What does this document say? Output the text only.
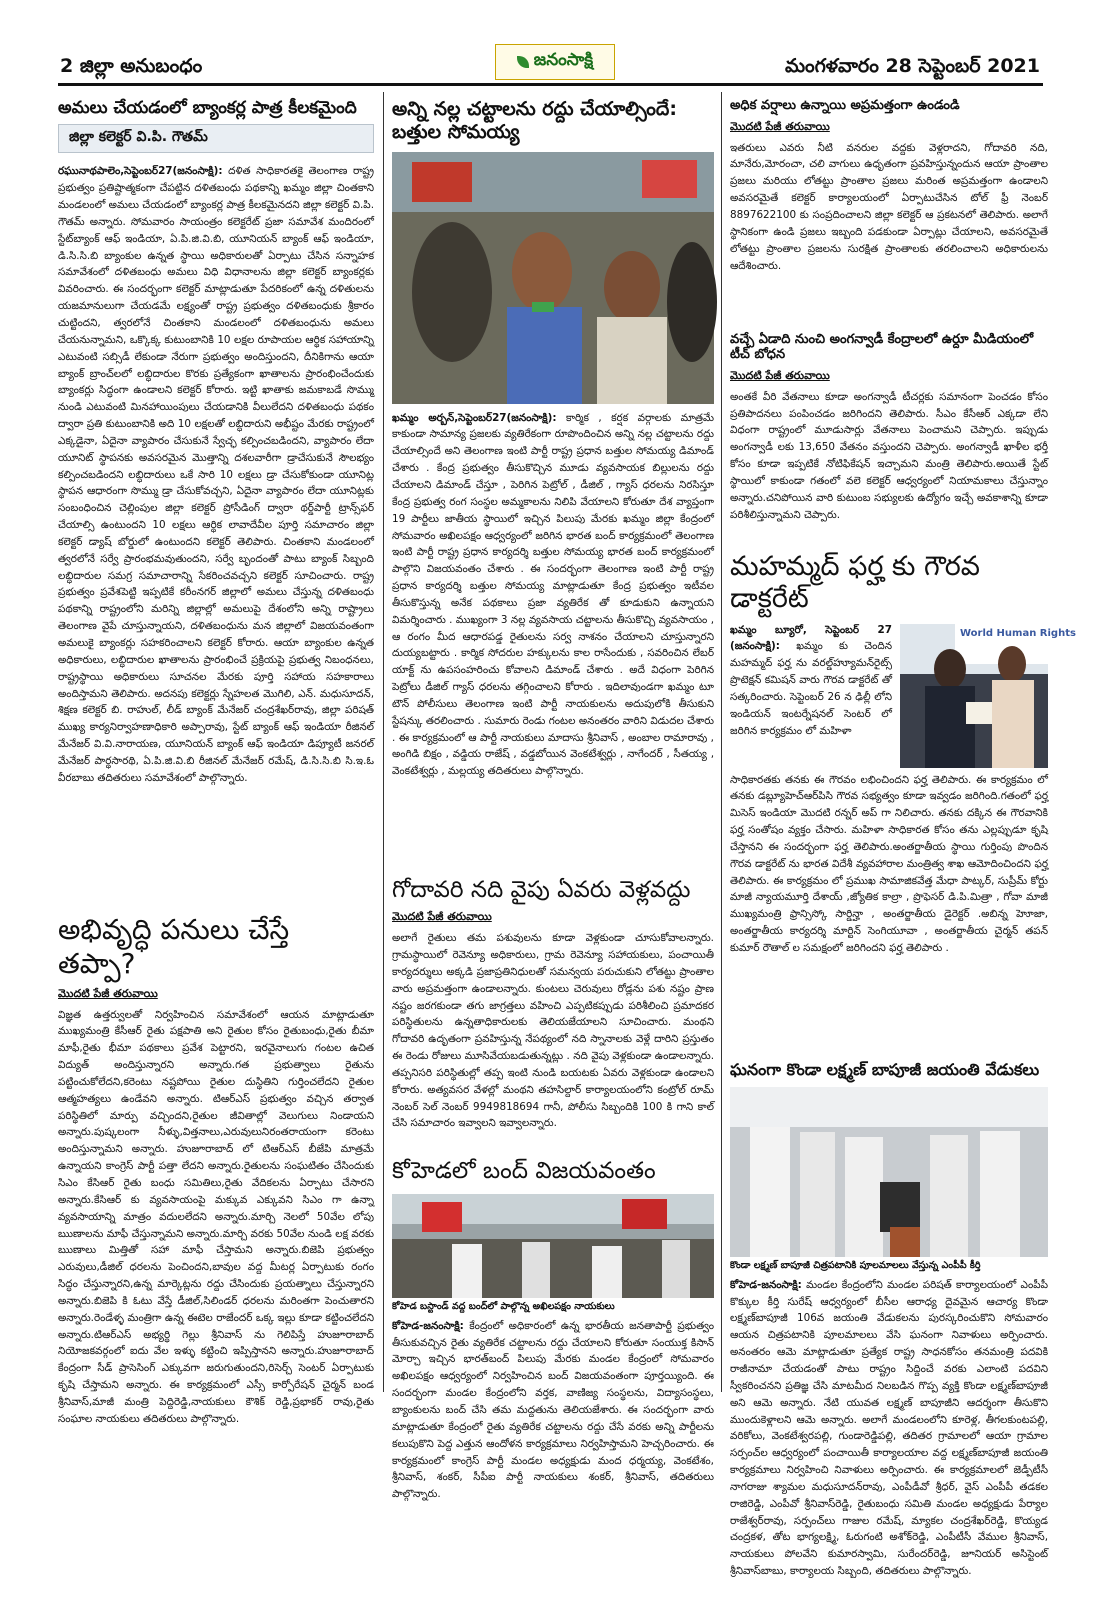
2 జిల్లా అనుబంధం	జనంసాక్షి	మంగళవారం 28 సెప్టెంబర్‌ 2021
అమలు చేయడంలో బ్యాంకర్ల పాత్ర కీలకమైంది
జిల్లా కలెక్టర్‌ వి.పి. గౌతమ్‌

రఘునాథపాలెం,సెప్టెంబర్‌27(జనంసాక్షి): దళిత సాధికారతకై తెలంగాణ రాష్ట్ర ప్రభుత్వం ప్రతిష్టాత్మకంగా చేపట్టిన దళితబంధు పథకాన్ని ఖమ్మం జిల్లా చింతకాని మండలంలో అమలు చేయడంలో బ్యాంకర్ల పాత్ర కీలకమైనదని జిల్లా కలెక్టర్‌ వి.పి. గౌతమ్‌ అన్నారు. సోమవారం సాయంత్రం కలెక్టరేట్‌ ప్రజా సమావేశ మందిరంలో స్టేట్‌బ్యాంక్‌ ఆఫ్‌ ఇండియా, ఏ.పి.జి.వి.బి, యూనియన్‌ బ్యాంక్‌ ఆఫ్‌ ఇండియా, డి.సి.సి.బి బ్యాంకుల ఉన్నత స్థాయి అధికారులతో ఏర్పాటు చేసిన సన్నాహక సమావేశంలో దళితబంధు అమలు విధి విధానాలను జిల్లా కలెక్టర్‌ బ్యాంకర్లకు వివరించారు. ఈ సందర్భంగా కలెక్టర్‌ మాట్లాడుతూ పేదరికంలో ఉన్న దళితులను యజమానులుగా చేయడమే లక్ష్యంతో రాష్ట్ర ప్రభుత్వం దళితబంధుకు శ్రీకారం చుట్టిందని, త్వరలోనే చింతకాని మండలంలో దళితబంధును అమలు చేయనున్నామని, ఒక్కొక్క కుటుంబానికి 10 లక్షల రూపాయల ఆర్థిక సహాయాన్ని ఎటువంటి సబ్సిడీ లేకుండా నేరుగా ప్రభుత్వం అందిస్తుందని, దీనికిగాను ఆయా బ్యాంక్‌ బ్రాంచ్‌లలో లబ్ధిదారుల కొరకు ప్రత్యేకంగా ఖాతాలను ప్రారంభించేందుకు బ్యాంకర్లు సిద్ధంగా ఉండాలని కలెక్టర్‌ కోరారు. ఇట్టి ఖాతాకు జమకాబడే సొమ్ము నుండి ఎటువంటి మినహాయింపులు చేయడానికి వీలులేదని దళితబంధు పథకం ద్వారా ప్రతి కుటుంబానికి అది 10 లక్షలతో లబ్ధిదారుని అభీష్టం మేరకు రాష్ట్రంలో ఎక్కడైనా, ఏదైనా వ్యాపారం చేసుకునే స్వేచ్ఛ కల్పించబడిందని, వ్యాపారం లేదా యూనిట్‌ స్థాపనకు అవసరమైన మొత్తాన్ని దశలవారీగా డ్రాచేసుకునే సౌలభ్యం కల్పించబడిందని లబ్ధిదారులు ఒకే సారి 10 లక్షలు డ్రా చేసుకోకుండా యూనిట్ల స్థాపన ఆధారంగా సొమ్ము డ్రా చేసుకోవచ్చని, ఏదైనా వ్యాపారం లేదా యూనిట్లకు సంబంధించిన చెల్లింపుల జిల్లా కలెక్టర్‌ ప్రోసీడింగ్‌ ద్వారా థర్డ్‌పార్టీ ట్రాన్స్‌ఫర్‌ చేయాల్సి ఉంటుందని 10 లక్షలు ఆర్థిక లావాదేవీల పూర్తి సమాచారం జిల్లా కలెక్టర్‌ డ్యాష్‌ బోర్డులో ఉంటుందని కలెక్టర్‌ తెలిపారు. చింతకాని మండలంలో త్వరలోనే సర్వే ప్రారంభమవుతుందని, సర్వే బృందంతో పాటు బ్యాంక్‌ సిబ్బంది లబ్ధిదారుల సమగ్ర సమాచారాన్ని సేకరించవచ్చని కలెక్టర్‌ సూచించారు. రాష్ట్ర ప్రభుత్వం ప్రవేశపెట్టి ఇప్పటికే కరీంనగర్‌ జిల్లాలో అమలు చేస్తున్న దళితబంధు పథకాన్ని రాష్ట్రంలోని మరిన్ని జిల్లాల్లో అమలుపై దేశంలోని అన్ని రాష్ట్రాలు తెలంగాణ వైపే చూస్తున్నాయని, దళితబంధును మన జిల్లాలో విజయవంతంగా అమలుకై బ్యాంకర్లు సహకరించాలని కలెక్టర్‌ కోరారు. ఆయా బ్యాంకుల ఉన్నత అధికారులు, లబ్ధిదారుల ఖాతాలను ప్రారంభించే ప్రక్రియపై ప్రభుత్వ నిబంధనలు, రాష్ట్రస్థాయి అధికారులు సూచనల మేరకు పూర్తి సహాయ సహకారాలు అందిస్తామని తెలిపారు. అదనపు కలెక్టర్లు స్నేహలత మొగిలి, ఎన్‌. మధుసూదన్‌, శిక్షణ కలెక్టర్‌ బి. రాహుల్‌, లీడ్‌ బ్యాంక్‌ మేనేజర్‌ చంద్రశేఖర్‌రావు, జిల్లా పరిషత్‌ ముఖ్య కార్యనిర్వాహణాధికారి అప్పారావు, స్టేట్‌ బ్యాంక్‌ ఆఫ్‌ ఇండియా రీజినల్‌ మేనేజర్‌ వి.వి.నారాయణ, యూనియన్‌ బ్యాంక్‌ ఆఫ్‌ ఇండియా డిప్యూటీ జనరల్‌ మేనేజర్‌ పార్థసారథి, ఏ.పి.జి.వి.బి రీజినల్‌ మేనేజర్‌ రమేష్‌, డి.సి.సి.బి సి.ఇ.ఓ వీరబాబు తదితరులు సమావేశంలో పాల్గొన్నారు.

అభివృద్ధి పనులు చేస్తే తప్పా?
మొదటి పేజీ తరువాయి

విజ్ఞత ఉత్తర్వులతో నిర్వహించిన సమావేశంలో ఆయన మాట్లాడుతూ ముఖ్యమంత్రి కేసీఆర్‌ రైతు పక్షపాతి అని రైతుల కోసం రైతుబంధు,రైతు బీమా మాఫీ,రైతు భీమా పథకాలు ప్రవేశ పెట్టారని, ఇరవైనాలుగు గంటల ఉచిత విద్యుత్‌ అందిస్తున్నారని అన్నారు.గత ప్రభుత్వాలు రైతును పట్టించుకోలేదని,కరెంటు నష్టపోయి రైతుల దుస్థితిని గుర్తించలేదని రైతుల ఆత్మహత్యలు ఉండేవని అన్నారు. టిఆర్‌ఎస్‌ ప్రభుత్వం వచ్చిన తర్వాత పరిస్థితిలో మార్పు వచ్చిందని,రైతుల జీవితాల్లో వెలుగులు నిండాయని అన్నారు.పుష్కలంగా నీళ్ళు,విత్తనాలు,ఎరువులునిరంతరాయంగా కరెంటు అందిస్తున్నామని అన్నారు. హుజూరాబాద్‌ లో టిఆర్‌ఎస్‌ బీజేపి మాత్రమే ఉన్నాయని కాంగ్రెస్‌ పార్టీ పత్తా లేదని అన్నారు.రైతులను సంఘటితం చేసిందుకు సిఎం కేసిఆర్‌ రైతు బంధు సమితిలు,రైతు వేదికలను ఏర్పాటు చేసారని అన్నారు.కేసిఆర్‌ కు వ్యవసాయంపై మక్కువ ఎక్కువని సిఎం గా ఉన్నా వ్యవసాయాన్ని మాత్రం వదులలేదని అన్నారు.మార్చి నెలలో 50వేల లోపు ఋణాలను మాఫీ చేస్తున్నామని అన్నారు.మార్చి వరకు 50వేల నుండి లక్ష వరకు ఋణాలు మిత్తితో సహా మాఫీ చేస్తామని అన్నారు.బిజెపి ప్రభుత్వం ఎరువులు,డీజిల్‌ ధరలను పెంచిందని,బావుల వద్ద మీటర్ల ఏర్పాటుకు రంగం సిద్ధం చేస్తున్నారని,ఉన్న మార్కెట్లను రద్దు చేసిందుకు ప్రయత్నాలు చేస్తున్నారని అన్నారు.బిజెపి కి ఓటు వేస్తే డీజిల్‌,సిలిండర్‌ ధరలను మరింతగా పెంచుతారని అన్నారు.రెండేళ్ళ మంత్రిగా ఉన్న ఈటెల రాజేందర్‌ ఒక్క ఇల్లు కూడా కట్టించలేదని అన్నారు.టిఆర్‌ఎస్‌ అభ్యర్థి గెల్లు శ్రీనివాస్‌ ను గెలిపిస్తే హుజూరాబాద్‌ నియోజకవర్గంలో ఐదు వేల ఇళ్ళు కట్టించి ఇప్పిస్తానని అన్నారు.హుజూరాబాద్‌ కేంద్రంగా సీడ్‌ ప్రాసెసింగ్‌ ఎక్కువగా జరుగుతుందని,రిసెర్చ్‌ సెంటర్‌ ఏర్పాటుకు కృషి చేస్తామని అన్నారు. ఈ కార్యక్రమంలో ఎస్సీ కార్పోరేషన్‌ చైర్మన్‌ బండ శ్రీనివాస్‌,మాజీ మంత్రి పెద్దిరెడ్డి,నాయకులు కౌశిక్‌ రెడ్డి,ప్రభాకర్‌ రావు,రైతు సంఘాల నాయకులు తదితరులు పాల్గొన్నారు.

అన్ని నల్ల చట్టాలను రద్దు చేయాల్సిందే: బత్తుల సోమయ్య

ఖమ్మం అర్బన్‌,సెప్టెంబర్‌27(జనంసాక్షి): కార్మిక , కర్షక వర్గాలకు మాత్రమే కాకుండా సామాన్య ప్రజలకు వ్యతిరేకంగా రూపొందించిన అన్ని నల్ల చట్టాలను రద్దు చేయాల్సిందే అని తెలంగాణ ఇంటి పార్టీ రాష్ట్ర ప్రధాన బత్తుల సోమయ్య డిమాండ్‌ చేశారు . కేంద్ర ప్రభుత్వం తీసుకొచ్చిన మూడు వ్యవసాయక బిల్లులను రద్దు చేయాలని డిమాండ్‌ చేస్తూ , పెరిగిన పెట్రోల్‌ , డీజిల్‌ , గ్యాస్‌ ధరలను నిరసిస్తూ కేంద్ర ప్రభుత్వ రంగ సంస్థల అమ్మకాలను నిలిపి వేయాలని కోరుతూ దేశ వ్యాప్తంగా 19 పార్టీలు జాతీయ స్థాయిలో ఇచ్చిన పిలుపు మేరకు ఖమ్మం జిల్లా కేంద్రంలో సోమవారం అఖిలపక్షం ఆధ్వర్యంలో జరిగిన భారత బంద్‌ కార్యక్రమంలో తెలంగాణ ఇంటి పార్టీ రాష్ట్ర ప్రధాన కార్యదర్శి బత్తుల సోమయ్య భారత బంద్‌ కార్యక్రమంలో పాల్గొని విజయవంతం చేశారు . ఈ సందర్భంగా తెలంగాణ ఇంటి పార్టీ రాష్ట్ర ప్రధాన కార్యదర్శి బత్తుల సోమయ్య మాట్లాడుతూ కేంద్ర ప్రభుత్వం ఇటీవల తీసుకొస్తున్న అనేక పథకాలు ప్రజా వ్యతిరేక తో కూడుకుని ఉన్నాయని విమర్శించారు . ముఖ్యంగా 3 నల్ల వ్యవసాయ చట్టాలను తీసుకొచ్చి వ్యవసాయం , ఆ రంగం మీద ఆధారపడ్డ రైతులను సర్వ నాశనం చేయాలని చూస్తున్నారని దుయ్యబట్టారు . కార్మిక సోదరుల హక్కులను కాల రాసేందుకు , సవరించిన లేబర్‌ యాక్ట్‌ ను ఉపసంహరించు కోవాలని డిమాండ్‌ చేశారు . అదే విధంగా పెరిగిన పెట్రోలు డీజిల్‌ గ్యాస్‌ ధరలను తగ్గించాలని కోరారు . ఇదిలావుండగా ఖమ్మం టూ టౌన్‌ పోలీసులు తెలంగాణ ఇంటి పార్టీ నాయకులను అదుపులోకి తీసుకుని స్టేషన్కు తరలించారు . సుమారు రెండు గంటల అనంతరం వారిని విడుదల చేశారు . ఈ కార్యక్రమంలో ఆ పార్టీ నాయకులు మాదాసు శ్రీనివాస్‌ , అంబాల రామారావు , అంగిడి బిక్షం , వడ్డియ రాజేష్‌ , వడ్డబోయిన వెంకటేశ్వర్లు , నాగేందర్‌ , సీతయ్య , వెంకటేశ్వర్లు , మల్లయ్య తదితరులు పాల్గొన్నారు.

గోదావరి నది వైపు ఏవరు వెళ్లవద్దు
మొదటి పేజీ తరువాయి

అలాగే రైతులు తమ పశువులను కూడా వెళ్లకుండా చూసుకోవాలన్నారు. గ్రామస్థాయిలో రెవెన్యూ అధికారులు, గ్రామ రెవెన్యూ సహాయకులు, పంచాయితీ కార్యదర్శులు అక్కడి ప్రజాప్రతినిధులతో సమన్వయ పరుచుకుని లోతట్టు ప్రాంతాల వారు అప్రమత్తంగా ఉండాలన్నారు. కుంటలు చెరువులు రోడ్లను పశు నష్టం ప్రాణ నష్టం జరగకుండా తగు జాగ్రత్తలు వహించి ఎప్పటికప్పుడు పరిశీలించి ప్రమాదకర పరిస్థితులను ఉన్నతాధికారులకు తెలియజేయాలని సూచించారు. మంథని గోదావరి ఉదృతంగా ప్రవహిస్తున్న నేపథ్యంలో నది స్నానాలకు వెళ్లే దారిని ప్రస్తుతం ఈ రెండు రోజులు మూసివేయబడుతున్నట్లు . నది వైపు వెళ్లకుండా ఉండాలన్నారు. తప్పనిసరి పరిస్థితుల్లో తప్ప ఇంటి నుండి బయటకు ఏవరు వెళ్లకుండా ఉండాలని కోరారు. అత్యవసర వేళల్లో మంథని తహసిల్దార్‌ కార్యాలయంలోని కంట్రోల్‌ రూమ్‌ నెంబర్‌ సెల్‌ నెంబర్‌ 9949818694 గానీ, పోలీసు సిబ్బందికి 100 కి గాని కాల్‌ చేసి సమాచారం ఇవ్వాలని ఇవ్వాలన్నారు.

కోహెడలో బంద్‌ విజయవంతం
కోహెడ బస్టాండ్‌ వద్ద బంద్‌లో పాల్గొన్న అఖిలపక్షం నాయకులు

కోహెడ-జనంసాక్షి: కేంద్రంలో అధికారంలో ఉన్న భారతీయ జనతాపార్టీ ప్రభుత్వం తీసుకువచ్చిన రైతు వ్యతిరేక చట్టాలను రద్దు చేయాలని కోరుతూ సంయుక్త కిసాన్‌ మోర్చా ఇచ్చిన భారత్‌బంద్‌ పిలుపు మేరకు మండల కేంద్రంలో సోమవారం అఖిలపక్షం ఆధ్వర్యంలో నిర్వహించిన బంద్‌ విజయవంతంగా పూర్తయ్యింది. ఈ సందర్భంగా మండల కేంద్రంలోని వర్తక, వాణిజ్య సంస్థలను, విద్యాసంస్థలు, బ్యాంకులను బంద్‌ చేసి తమ మద్దతును తెలియజేశారు. ఈ సందర్భంగా వారు మాట్లాడుతూ కేంద్రంలో రైతు వ్యతిరేక చట్టాలను రద్దు చేసే వరకు అన్ని పార్టీలను కలుపుకొని పెద్ద ఎత్తున ఆందోళన కార్యక్రమాలు నిర్వహిస్తామని హెచ్చరించారు. ఈ కార్యక్రమంలో కాంగ్రెస్‌ పార్టీ మండల అధ్యక్షుడు మంద ధర్మయ్య, వెంకటేశం, శ్రీనివాస్‌, శంకర్‌, సీపీఐ పార్టీ నాయకులు శంకర్‌, శ్రీనివాస్‌, తదితరులు పాల్గొన్నారు.

అధిక వర్షాలు ఉన్నాయి అప్రమత్తంగా ఉండండి
మొదటి పేజీ తరువాయి

ఇతరులు ఎవరు నీటి వనరుల వద్దకు వెళ్లరాదని, గోదావరి నది, మానేరు,మోరంచా, చలి వాగులు ఉధృతంగా ప్రవహిస్తున్నందున ఆయా ప్రాంతాల ప్రజలు మరియు లోతట్టు ప్రాంతాల ప్రజలు మరింత అప్రమత్తంగా ఉండాలని అవసరమైతే కలెక్టర్‌ కార్యాలయంలో ఏర్పాటుచేసిన టోల్‌ ఫ్రీ నెంబర్‌ 8897622100 కు సంప్రదించాలని జిల్లా కలెక్టర్‌ ఆ ప్రకటనలో తెలిపారు. అలాగే స్థానికంగా ఉండి ప్రజలు ఇబ్బంది పడకుండా ఏర్పాట్లు చేయాలని, అవసరమైతే లోతట్టు ప్రాంతాల ప్రజలను సురక్షిత ప్రాంతాలకు తరలించాలని అధికారులను ఆదేశించారు.

వచ్చే ఏడాది నుంచి అంగన్వాడీ కేంద్రాలలో ఉర్దూ మీడియంలో టీచ్‌ బోధన
మొదటి పేజీ తరువాయి

అంతకే వీరి వేతనాలు కూడా అంగన్వాడీ టీచర్లకు సమానంగా పెంచడం కోసం ప్రతిపాదనలు పంపించడం జరిగిందని తెలిపారు. సీఎం కేసీఆర్‌ ఎక్కడా లేని విధంగా రాష్ట్రంలో మూడుసార్లు వేతనాలు పెంచామని చెప్పారు. ఇప్పుడు అంగన్వాడీ లకు 13,650 వేతనం వస్తుందని చెప్పారు. అంగన్వాడీ ఖాళీల భర్తీ కోసం కూడా ఇప్పటికే నోటిఫికేషన్‌ ఇచ్చామని మంత్రి తెలిపారు.అయితే స్టేట్‌ స్థాయిలో కాకుండా గతంలో వలె కలెక్టర్‌ ఆధ్వర్యంలో నియామకాలు చేస్తున్నాం అన్నారు.చనిపోయిన వారి కుటుంబ సభ్యులకు ఉద్యోగం ఇచ్చే అవకాశాన్ని కూడా పరిశీలిస్తున్నామని చెప్పారు.

మహమ్మద్‌ ఫర్హ కు గౌరవ డాక్టరేట్‌

ఖమ్మం బ్యూరో, సెప్టెంబర్‌ 27 (జనంసాక్షి): ఖమ్మం కు చెందిన మహమ్మద్‌ ఫర్హ ను వరల్డ్‌హ్యూమన్‌రైట్స్‌ ప్రొటెక్షన్‌ కమిషన్‌ వారు గౌరవ డాక్టరేట్‌ తో సత్కరించారు. సెప్టెంబర్‌ 26 న ఢిల్లీ లోని ఇండియన్‌ ఇంటర్నేషనల్‌ సెంటర్‌ లో జరిగిన కార్యక్రమం లో మహిళా

World Human Rights

సాధికారతకు తనకు ఈ గౌరవం లభించిందని ఫర్హ తెలిపారు. ఈ కార్యక్రమం లో తనకు డబ్ల్యూహెచ్‌ఆర్‌పిసి గౌరవ సభ్యత్వం కూడా ఇవ్వడం జరిగింది.గతంలో ఫర్హ మిసెస్‌ ఇండియా మొదటి రన్నర్‌ అప్‌ గా నిలిచారు. తనకు దక్కిన ఈ గౌరవానికి ఫర్హ సంతోషం వ్యక్తం చేసారు. మహిళా సాధికారత కోసం తను ఎల్లప్పుడూ కృషి చేస్తానని ఈ సందర్భంగా ఫర్హ తెలిపారు.అంతర్జాతీయ స్థాయి గుర్తింపు పొందిన గౌరవ డాక్టరేట్‌ ను భారత విదేశీ వ్యవహారాల మంత్రిత్వ శాఖ ఆమోదించిందని ఫర్హ తెలిపారు. ఈ కార్యక్రమం లో ప్రముఖ సామాజికవేత్త మేధా పాట్కర్‌, సుప్రీమ్‌ కోర్టు మాజీ న్యాయమూర్తి దేశాయ్‌ ,జ్యోతిక కాల్రా , ప్రొఫెసర్‌ డి.పి.మిత్రా , గోవా మాజీ ముఖ్యమంత్రి ఫ్రాన్సిస్కో సార్డిన్హా , అంతర్జాతీయ డైరెక్టర్‌ .అబిన్న హెూజా, అంతర్జాతీయ కార్యదర్శి మార్టిన్‌ సెంగియూవా , అంతర్జాతీయ చైర్మన్‌ తపన్‌ కుమార్‌ రౌతాల్‌ ల సమక్షంలో జరిగిందని ఫర్హ తెలిపారు .

ఘనంగా కొండా లక్ష్మణ్‌ బాపూజీ జయంతి వేడుకలు
కొండా లక్ష్మణ్‌ బాపూజీ చిత్రపటానికి పూలమాలలు వేస్తున్న ఎంపీపీ కీర్తి

కోహెడ-జనంసాక్షి: మండల కేంద్రంలోని మండల పరిషత్‌ కార్యాలయంలో ఎంపీపీ కొక్కుల కీర్తి సురేష్‌ ఆధ్వర్యంలో బీసీల ఆరాధ్య దైవమైన ఆచార్య కొండా లక్ష్మణ్‌బాపూజీ 106వ జయంతి వేడుకలను పురస్కరించుకొని సోమవారం ఆయన చిత్రపటానికి పూలమాలలు వేసి ఘనంగా నివాళులు అర్పించారు. అనంతరం ఆమె మాట్లాడుతూ ప్రత్యేక రాష్ట్ర సాధనకోసం తనమంత్రి పదవికి రాజీనామా చేయడంతో పాటు రాష్ట్రం సిద్దించే వరకు ఎలాంటి పదవిని స్వీకరించనని ప్రతిజ్ఞ చేసి మాటమీద నిలబడిన గొప్ప వ్యక్తి కొండా లక్ష్మణ్‌బాపూజీ అని ఆమె అన్నారు. నేటి యువత లక్ష్మణ్‌ బాపూజీని ఆదర్శంగా తీసుకొని ముందుకెళ్లాలని ఆమె అన్నారు. అలాగే మండలంలోని కూరెళ్ల, తీగలకుంటపల్లి, వరికోలు, వెంకటేశ్వరపల్లి, గుండారెడ్డిపల్లి, తదితర గ్రామాలలో ఆయా గ్రామాల సర్పంచ్‌ల ఆధ్వర్యంలో పంచాయితీ కార్యాలయాల వద్ద లక్ష్మణ్‌బాపూజీ జయంతి కార్యక్రమాలు నిర్వహించి నివాళులు అర్పించారు. ఈ కార్యక్రమాలలో జెడ్పీటీసీ నాగరాజు శ్యామల మధుసూదన్‌రావు, ఎంపీడీవో శ్రీధర్‌, వైస్‌ ఎంపీపీ తడకల రాజిరెడ్డి, ఎంపీవో శ్రీనివాస్‌రెడ్డి, రైతుబంధు సమితి మండల అధ్యక్షుడు పేర్యాల రాజేశ్వర్‌రావు, సర్పంచ్‌లు గాజుల రమేష్‌, మ్యాకల చంద్రశేఖర్‌రెడ్డి, కొయ్యడ చంద్రకళ, తోట భాగ్యలక్ష్మి, ఓరుగంటి అశోక్‌రెడ్డి, ఎంపీటీసీ వేముల శ్రీనివాస్‌, నాయకులు పోలవేని కుమారస్వామి, సురేందర్‌రెడ్డి, జూనియర్‌ అసిస్టెంట్‌ శ్రీనివాస్‌బాబు, కార్యాలయ సిబ్బంది, తదితరులు పాల్గొన్నారు.
